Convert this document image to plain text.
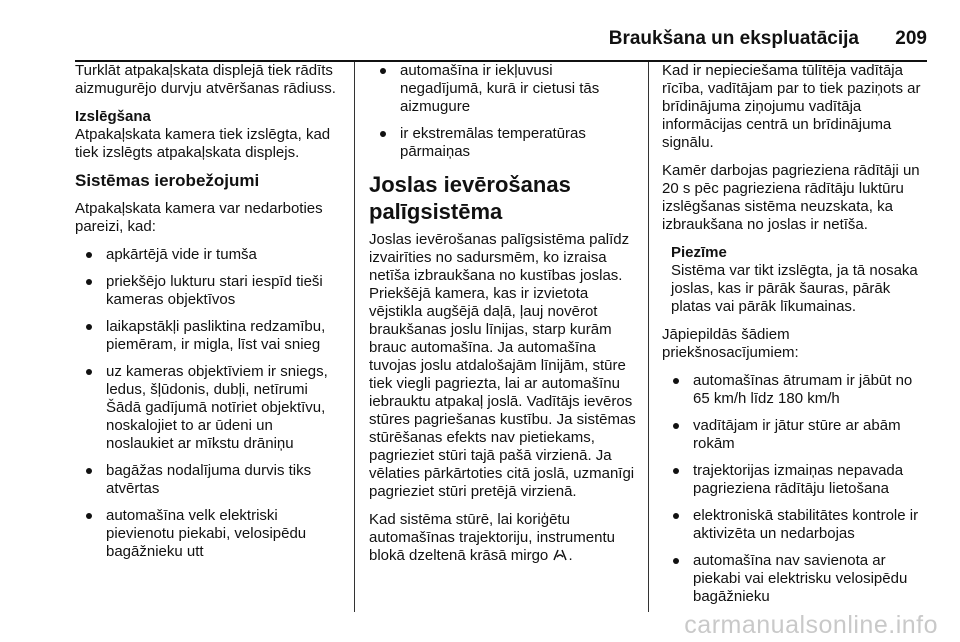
Braukšana un ekspluatācija 209

Turklāt atpakaļskata displejā tiek rādīts aizmugurējo durvju atvēršanas rādiuss.

Izslēgšana

Atpakaļskata kamera tiek izslēgta, kad tiek izslēgts atpakaļskata displejs.

Sistēmas ierobežojumi

Atpakaļskata kamera var nedarboties pareizi, kad:

apkārtējā vide ir tumša
priekšējo lukturu stari iespīd tieši kameras objektīvos
laikapstākļi pasliktina redzamību, piemēram, ir migla, līst vai snieg
uz kameras objektīviem ir sniegs, ledus, šļūdonis, dubļi, netīrumi Šādā gadījumā notīriet objektīvu, noskalojiet to ar ūdeni un noslaukiet ar mīkstu drāniņu
bagāžas nodalījuma durvis tiks atvērtas
automašīna velk elektriski pievienotu piekabi, velosipēdu bagāžnieku utt
automašīna ir iekļuvusi negadījumā, kurā ir cietusi tās aizmugure
ir ekstremālas temperatūras pārmaiņas

Joslas ievērošanas palīgsistēma

Joslas ievērošanas palīgsistēma palīdz izvairīties no sadursmēm, ko izraisa netīša izbraukšana no kustības joslas. Priekšējā kamera, kas ir izvietota vējstikla augšējā daļā, ļauj novērot braukšanas joslu līnijas, starp kurām brauc automašīna. Ja automašīna tuvojas joslu atdalošajām līnijām, stūre tiek viegli pagriezta, lai ar automašīnu iebrauktu atpakaļ joslā. Vadītājs ievēros stūres pagriešanas kustību. Ja sistēmas stūrēšanas efekts nav pietiekams, pagrieziet stūri tajā pašā virzienā. Ja vēlaties pārkārtoties citā joslā, uzmanīgi pagrieziet stūri pretējā virzienā.

Kad sistēma stūrē, lai koriģētu automašīnas trajektoriju, instrumentu blokā dzeltenā krāsā mirgo .

Kad ir nepieciešama tūlītēja vadītāja rīcība, vadītājam par to tiek paziņots ar brīdinājuma ziņojumu vadītāja informācijas centrā un brīdinājuma signālu.

Kamēr darbojas pagrieziena rādītāji un 20 s pēc pagrieziena rādītāju luktūru izslēgšanas sistēma neuzskata, ka izbraukšana no joslas ir netīša.

Piezīme

Sistēma var tikt izslēgta, ja tā nosaka joslas, kas ir pārāk šauras, pārāk platas vai pārāk līkumainas.

Jāpiepildās šādiem priekšnosacījumiem:

automašīnas ātrumam ir jābūt no 65 km/h līdz 180 km/h
vadītājam ir jātur stūre ar abām rokām
trajektorijas izmaiņas nepavada pagrieziena rādītāju lietošana
elektroniskā stabilitātes kontrole ir aktivizēta un nedarbojas
automašīna nav savienota ar piekabi vai elektrisku velosipēdu bagāžnieku
carmanualsonline.info
